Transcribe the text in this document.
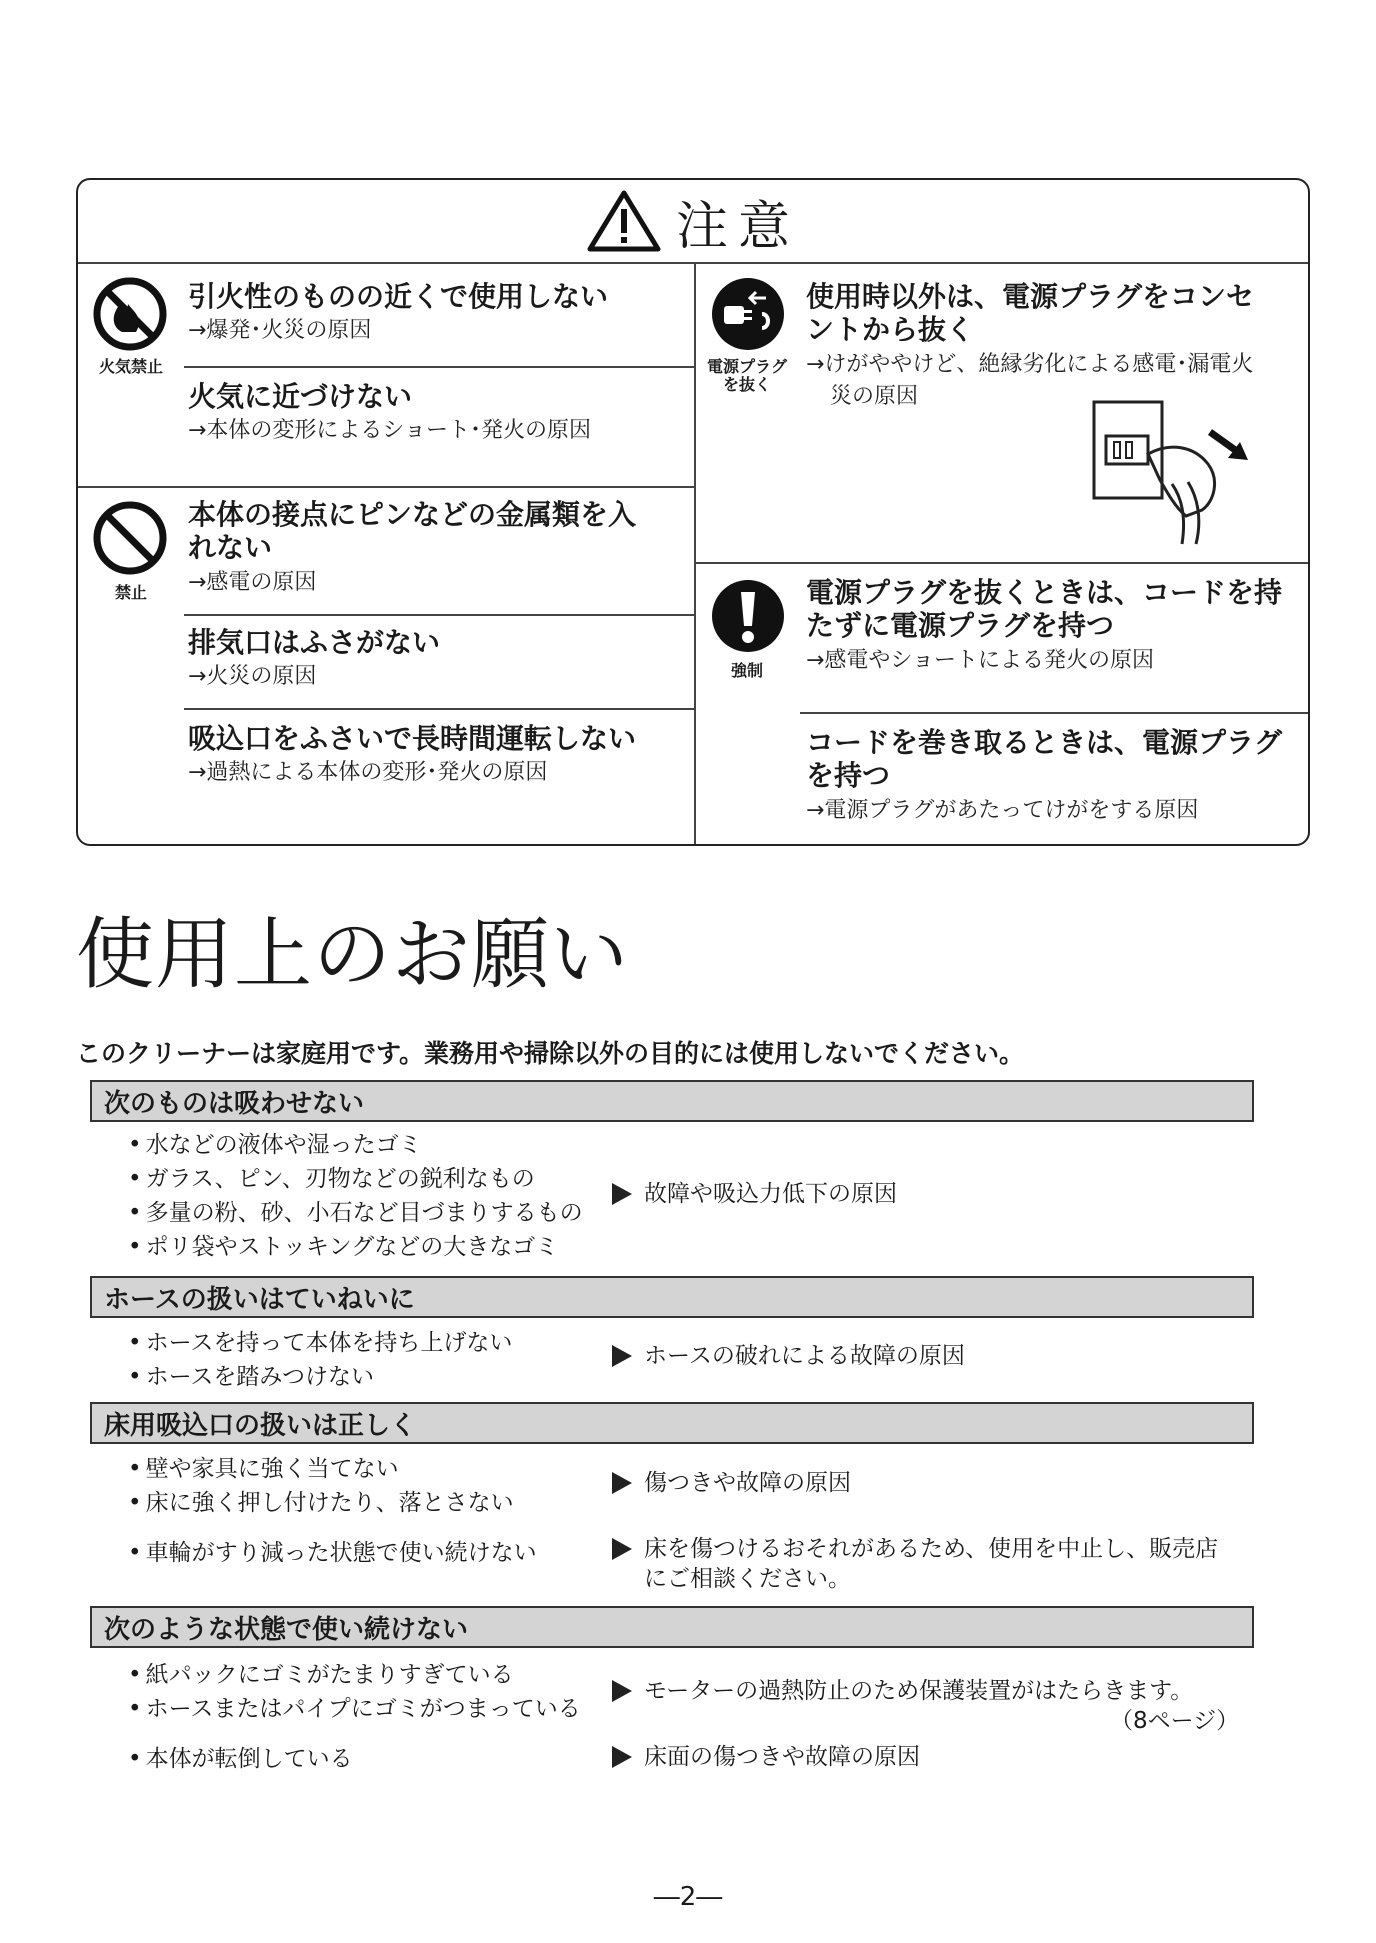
注意
火気禁止
引火性のものの近くで使用しない
→爆発･火災の原因
火気に近づけない
→本体の変形によるショート･発火の原因
禁止
本体の接点にピンなどの金属類を入
れない
→感電の原因
排気口はふさがない
→火災の原因
吸込口をふさいで長時間運転しない
→過熱による本体の変形･発火の原因
電源プラグ
を抜く
使用時以外は、電源プラグをコンセ
ントから抜く
→けがややけど、絶縁劣化による感電･漏電火
災の原因
強制
電源プラグを抜くときは、コードを持
たずに電源プラグを持つ
→感電やショートによる発火の原因
コードを巻き取るときは、電源プラグ
を持つ
→電源プラグがあたってけがをする原因
使用上のお願い
このクリーナーは家庭用です。業務用や掃除以外の目的には使用しないでください。
次のものは吸わせない
• 水などの液体や湿ったゴミ
• ガラス、ピン、刃物などの鋭利なもの
• 多量の粉、砂、小石など目づまりするもの
• ポリ袋やストッキングなどの大きなゴミ
故障や吸込力低下の原因
ホースの扱いはていねいに
• ホースを持って本体を持ち上げない
• ホースを踏みつけない
ホースの破れによる故障の原因
床用吸込口の扱いは正しく
• 壁や家具に強く当てない
• 床に強く押し付けたり、落とさない
傷つきや故障の原因
• 車輪がすり減った状態で使い続けない	床を傷つけるおそれがあるため、使用を中止し、販売店
にご相談ください。
次のような状態で使い続けない
• 紙パックにゴミがたまりすぎている
• ホースまたはパイプにゴミがつまっている
モーターの過熱防止のため保護装置がはたらきます。
（8ページ）
• 本体が転倒している	床面の傷つきや故障の原因
―2―
